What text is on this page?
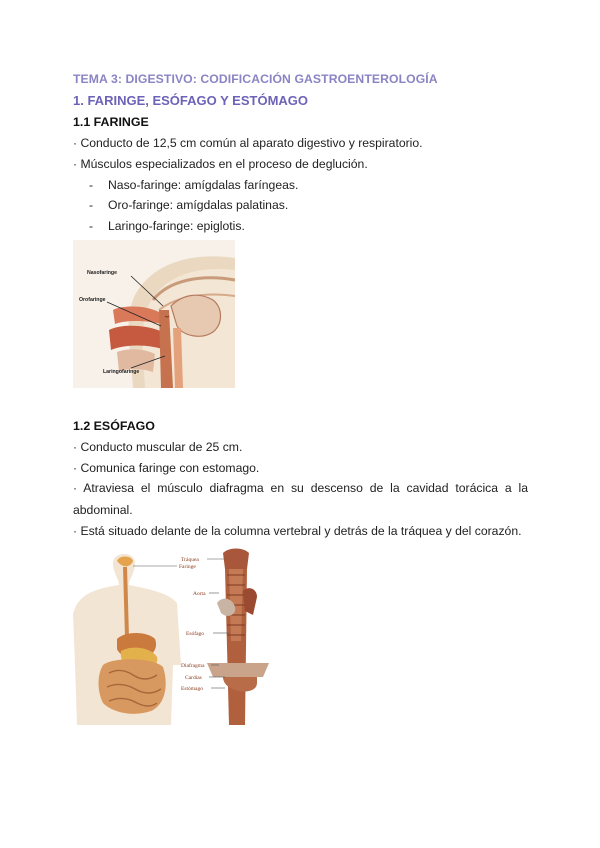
TEMA 3: DIGESTIVO: CODIFICACIÓN GASTROENTEROLOGÍA
1. FARINGE, ESÓFAGO Y ESTÓMAGO
1.1 FARINGE
· Conducto de 12,5 cm común al aparato digestivo y respiratorio.
· Músculos especializados en el proceso de deglución.
- Naso-faringe: amígdalas faríngeas.
- Oro-faringe: amígdalas palatinas.
- Laringo-faringe: epiglotis.
Nasofaringe
Orofaringe
Laringofaringe
1.2 ESÓFAGO
· Conducto muscular de 25 cm.
· Comunica faringe con estomago.
· Atraviesa el músculo diafragma en su descenso de la cavidad torácica a la
abdominal.
· Está situado delante de la columna vertebral y detrás de la tráquea y del corazón.
Faringe
Tráquea
Aorta
Esófago
Diafragma
Cardias
Estómago
